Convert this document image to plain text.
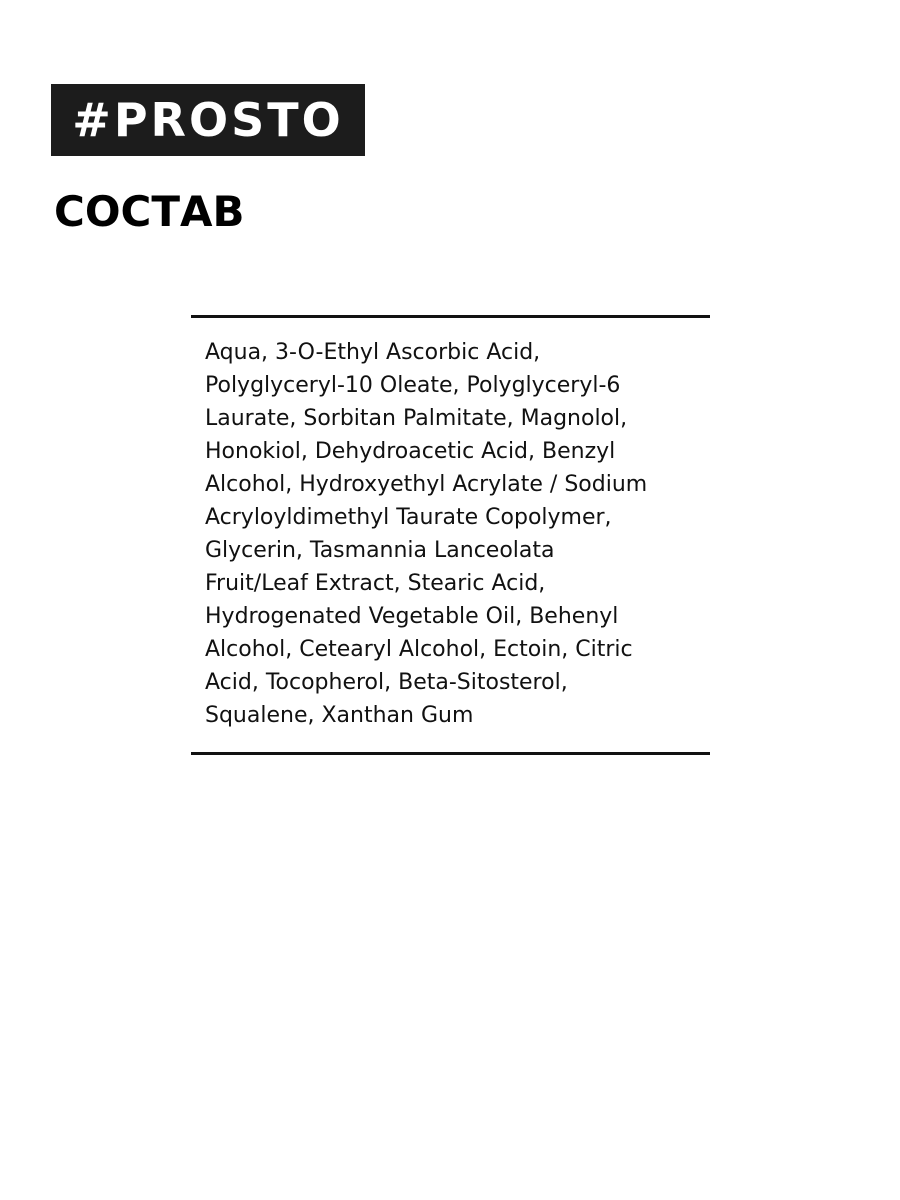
#PROSTO
СОСТАВ

Aqua, 3-O-Ethyl Ascorbic Acid,
Polyglyceryl-10 Oleate, Polyglyceryl-6
Laurate, Sorbitan Palmitate, Magnolol,
Honokiol, Dehydroacetic Acid, Benzyl
Alcohol, Hydroxyethyl Acrylate / Sodium
Acryloyldimethyl Taurate Copolymer,
Glycerin, Tasmannia Lanceolata
Fruit/Leaf Extract, Stearic Acid,
Hydrogenated Vegetable Oil, Behenyl
Alcohol, Cetearyl Alcohol, Ectoin, Citric
Acid, Tocopherol, Beta-Sitosterol,
Squalene, Xanthan Gum
